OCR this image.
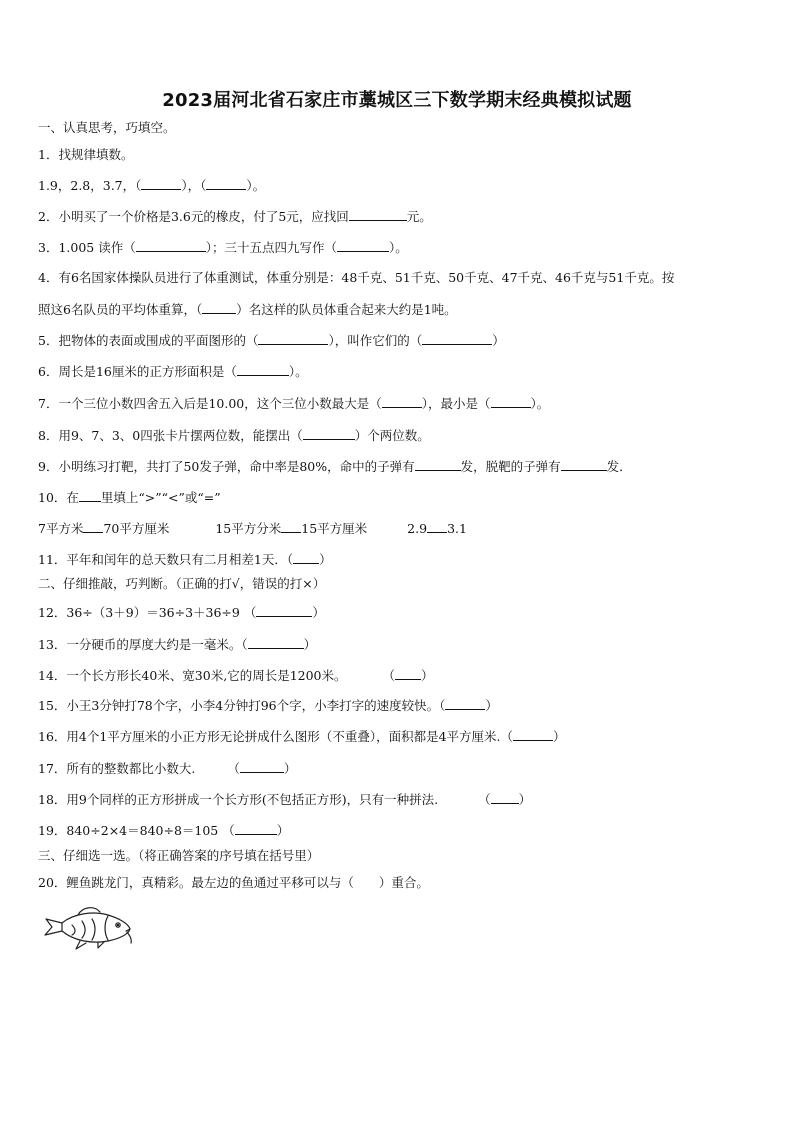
2023届河北省石家庄市藁城区三下数学期末经典模拟试题
一、认真思考，巧填空。
1．找规律填数。
1.9，2.8，3.7，（	），（	）。
2．小明买了一个价格是3.6元的橡皮，付了5元，应找回	元。
3．1.005 读作（	）；三十五点四九写作（	）。
4．有6名国家体操队员进行了体重测试，体重分别是：48千克、51千克、50千克、47千克、46千克与51千克。按
照这6名队员的平均体重算，（	）名这样的队员体重合起来大约是1吨。
5．把物体的表面或围成的平面图形的（	），叫作它们的（	）
6．周长是16厘米的正方形面积是（	）。
7．一个三位小数四舍五入后是10.00，这个三位小数最大是（	），最小是（	）。
8．用9、7、3、0四张卡片摆两位数，能摆出（	）个两位数。
9．小明练习打靶，共打了50发子弹，命中率是80%，命中的子弹有	发，脱靶的子弹有	发．
10．在 里填上“>”“<”或“=”
7平方米 70平方厘米	15平方分米 15平方厘米	2.9 3.1
11．平年和闰年的总天数只有二月相差1天．（ ）
二、仔细推敲，巧判断。（正确的打√，错误的打×）
12．36÷（3＋9）＝36÷3＋36÷9 （	）
13．一分硬币的厚度大约是一毫米。（	）
14．一个长方形长40米、宽30米,它的周长是1200米。	（ ）
15．小王3分钟打78个字，小李4分钟打96个字，小李打字的速度较快。（	）
16．用4个1平方厘米的小正方形无论拼成什么图形（不重叠），面积都是4平方厘米.（	）
17．所有的整数都比小数大.	（	）
18．用9个同样的正方形拼成一个长方形(不包括正方形)，只有一种拼法.	（ ）
19．840÷2×4＝840÷8＝105 （	）
三、仔细选一选。（将正确答案的序号填在括号里）
20．鲤鱼跳龙门，真精彩。最左边的鱼通过平移可以与（　　）重合。
